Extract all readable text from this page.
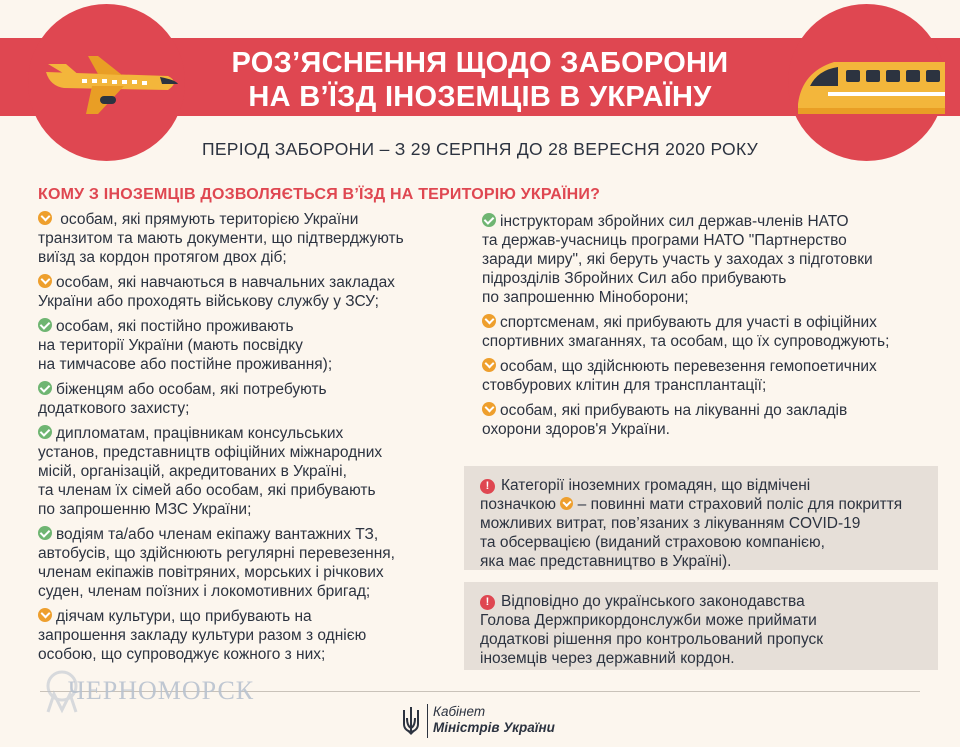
РОЗ’ЯСНЕННЯ ЩОДО ЗАБОРОНИ
НА В’ЇЗД ІНОЗЕМЦІВ В УКРАЇНУ
ПЕРІОД ЗАБОРОНИ – З 29 СЕРПНЯ ДО 28 ВЕРЕСНЯ 2020 РОКУ
КОМУ З ІНОЗЕМЦІВ ДОЗВОЛЯЄТЬСЯ В’ЇЗД НА ТЕРИТОРІЮ УКРАЇНИ?
особам, які прямують територією України
транзитом та мають документи, що підтверджують
виїзд за кордон протягом двох діб;
особам, які навчаються в навчальних закладах
України або проходять військову службу у ЗСУ;
особам, які постійно проживають
на території України (мають посвідку
на тимчасове або постійне проживання);
біженцям або особам, які потребують
додаткового захисту;
дипломатам, працівникам консульських
установ, представництв офіційних міжнародних
місій, організацій, акредитованих в Україні,
та членам їх сімей або особам, які прибувають
по запрошенню МЗС України;
водіям та/або членам екіпажу вантажних ТЗ,
автобусів, що здійснюють регулярні перевезення,
членам екіпажів повітряних, морських і річкових
суден, членам поїзних і локомотивних бригад;
діячам культури, що прибувають на
запрошення закладу культури разом з однією
особою, що супроводжує кожного з них;
інструкторам збройних сил держав-членів НАТО
та держав-учасниць програми НАТО "Партнерство
заради миру", які беруть участь у заходах з підготовки
підрозділів Збройних Сил або прибувають
по запрошенню Міноборони;
спортсменам, які прибувають для участі в офіційних
спортивних змаганнях, та особам, що їх супроводжують;
особам, що здійснюють перевезення гемопоетичних
стовбурових клітин для трансплантації;
особам, які прибувають на лікуванні до закладів
охорони здоров'я України.
! Категорії іноземних громадян, що відмічені
позначкою  – повинні мати страховий поліс для покриття
можливих витрат, пов’язаних з лікуванням COVID-19
та обсервацією (виданий страховою компанією,
яка має представництво в Україні).
! Відповідно до українського законодавства
Голова Держприкордонслужби може приймати
додаткові рішення про контрольований пропуск
іноземців через державний кордон.
Кабінет
Міністрів України
ЧЕРНОМОРСК
